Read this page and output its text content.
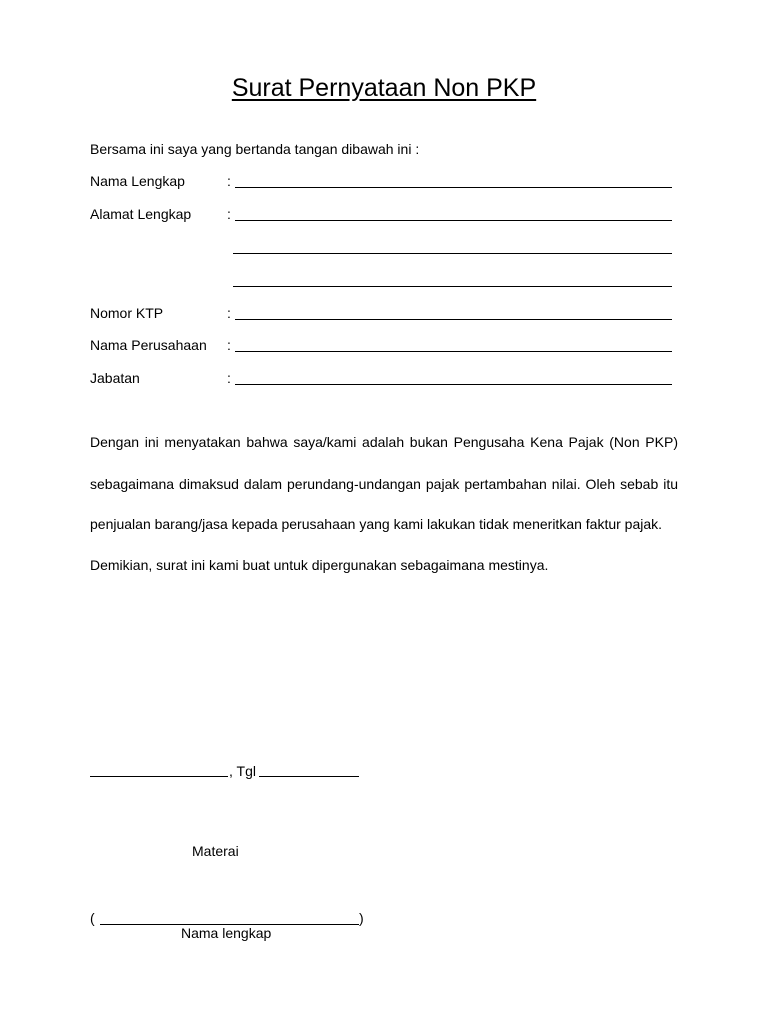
Surat Pernyataan Non PKP
Bersama ini saya yang bertanda tangan dibawah ini :
Nama Lengkap	:
Alamat Lengkap	:
Nomor KTP	:
Nama Perusahaan :
Jabatan	:
Dengan ini menyatakan bahwa saya/kami adalah bukan Pengusaha Kena Pajak (Non PKP)
sebagaimana dimaksud dalam perundang-undangan pajak pertambahan nilai. Oleh sebab itu
penjualan barang/jasa kepada perusahaan yang kami lakukan tidak meneritkan faktur pajak.
Demikian, surat ini kami buat untuk dipergunakan sebagaimana mestinya.
, Tgl
Materai
(	)
Nama lengkap
